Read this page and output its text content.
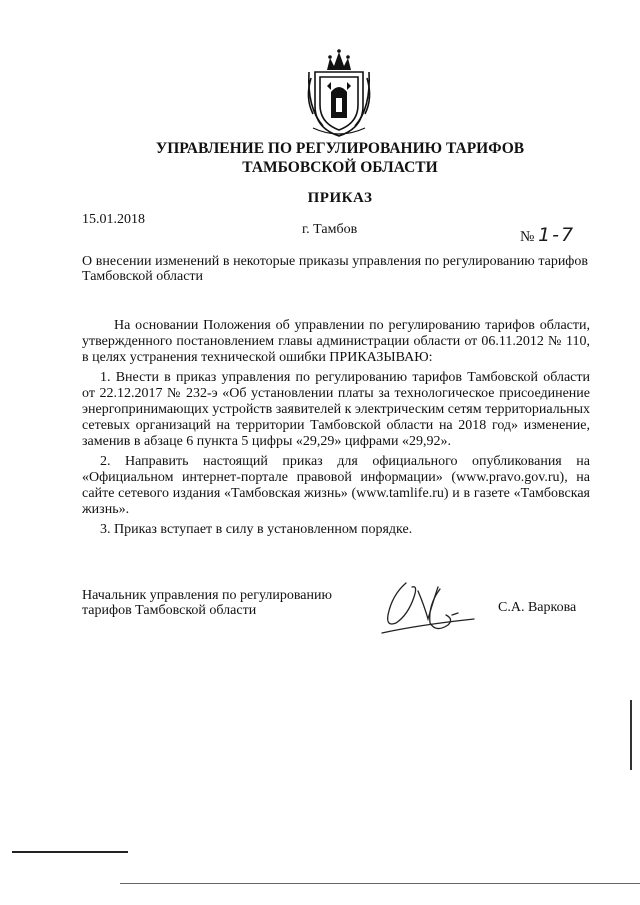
УПРАВЛЕНИЕ ПО РЕГУЛИРОВАНИЮ ТАРИФОВ
ТАМБОВСКОЙ ОБЛАСТИ
ПРИКАЗ
15.01.2018
г. Тамбов	№ 1-7
О внесении изменений в некоторые приказы управления по регулированию тарифов Тамбовской области

На основании Положения об управлении по регулированию тарифов области, утвержденного постановлением главы администрации области от 06.11.2012 № 110, в целях устранения технической ошибки ПРИКАЗЫВАЮ:

1. Внести в приказ управления по регулированию тарифов Тамбовской области от 22.12.2017 № 232-э «Об установлении платы за технологическое присоединение энергопринимающих устройств заявителей к электрическим сетям территориальных сетевых организаций на территории Тамбовской области на 2018 год» изменение, заменив в абзаце 6 пункта 5 цифры «29,29» цифрами «29,92».

2. Направить настоящий приказ для официального опубликования на «Официальном интернет-портале правовой информации» (www.pravo.gov.ru), на сайте сетевого издания «Тамбовская жизнь» (www.tamlife.ru) и в газете «Тамбовская жизнь».

3. Приказ вступает в силу в установленном порядке.

Начальник управления по регулированию тарифов Тамбовской области	С.А. Варкова
